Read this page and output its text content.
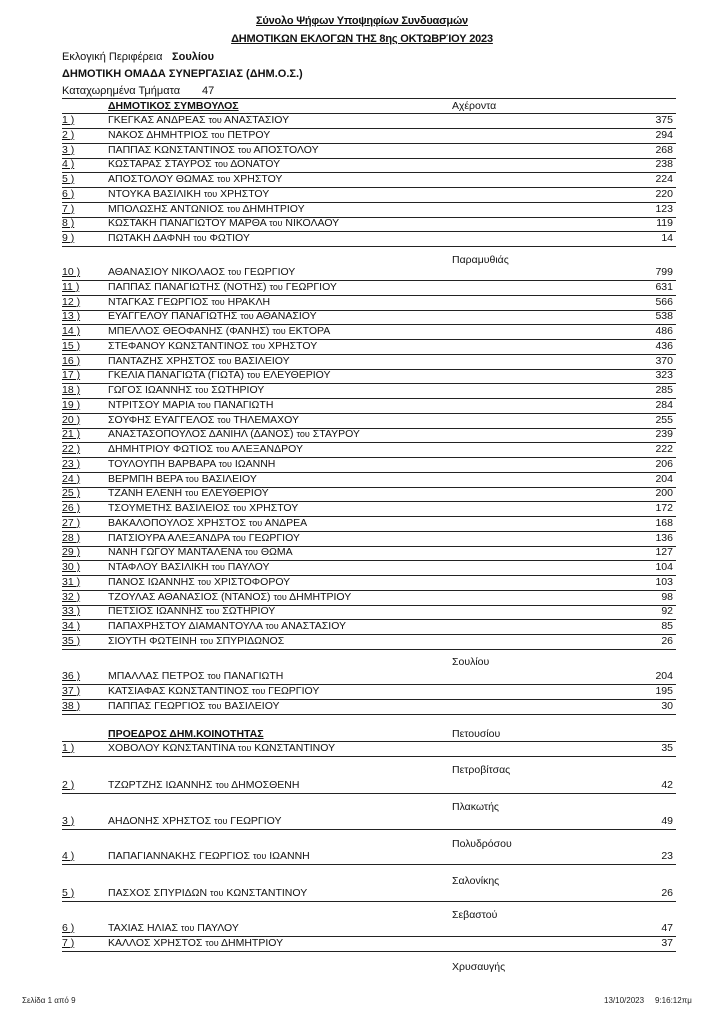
Σύνολο Ψήφων Υποψηφίων Συνδυασμών
ΔΗΜΟΤΙΚΩΝ ΕΚΛΟΓΩΝ ΤΗΣ 8ης ΟΚΤΩΒΡΊΟΥ 2023
Εκλογική Περιφέρεια Σουλίου
ΔΗΜΟΤΙΚΗ ΟΜΑΔΑ ΣΥΝΕΡΓΑΣΙΑΣ (ΔΗΜ.Ο.Σ.)
Καταχωρημένα Τμήματα 47
ΔΗΜΟΤΙΚΟΣ ΣΥΜΒΟΥΛΟΣ	Αχέροντα
1 )	ΓΚΕΓΚΑΣ ΑΝΔΡΕΑΣ του ΑΝΑΣΤΑΣΙΟΥ	375
2 )	ΝΑΚΟΣ ΔΗΜΗΤΡΙΟΣ του ΠΕΤΡΟΥ	294
3 )	ΠΑΠΠΑΣ ΚΩΝΣΤΑΝΤΙΝΟΣ του ΑΠΟΣΤΟΛΟΥ	268
4 )	ΚΩΣΤΑΡΑΣ ΣΤΑΥΡΟΣ του ΔΟΝΑΤΟΥ	238
5 )	ΑΠΟΣΤΟΛΟΥ ΘΩΜΑΣ του ΧΡΗΣΤΟΥ	224
6 )	ΝΤΟΥΚΑ ΒΑΣΙΛΙΚΗ του ΧΡΗΣΤΟΥ	220
7 )	ΜΠΟΛΩΣΗΣ ΑΝΤΩΝΙΟΣ του ΔΗΜΗΤΡΙΟΥ	123
8 )	ΚΩΣΤΑΚΗ ΠΑΝΑΓΙΩΤΟΥ ΜΑΡΘΑ του ΝΙΚΟΛΑΟΥ	119
9 )	ΠΩΤΑΚΗ ΔΑΦΝΗ του ΦΩΤΙΟΥ	14
Παραμυθιάς
10 )	ΑΘΑΝΑΣΙΟΥ ΝΙΚΟΛΑΟΣ του ΓΕΩΡΓΙΟΥ	799
11 )	ΠΑΠΠΑΣ ΠΑΝΑΓΙΩΤΗΣ (ΝΟΤΗΣ) του ΓΕΩΡΓΙΟΥ	631
12 )	ΝΤΑΓΚΑΣ ΓΕΩΡΓΙΟΣ του ΗΡΑΚΛΗ	566
13 )	ΕΥΑΓΓΕΛΟΥ ΠΑΝΑΓΙΩΤΗΣ του ΑΘΑΝΑΣΙΟΥ	538
14 )	ΜΠΕΛΛΟΣ ΘΕΟΦΑΝΗΣ (ΦΑΝΗΣ) του ΕΚΤΟΡΑ	486
15 )	ΣΤΕΦΑΝΟΥ ΚΩΝΣΤΑΝΤΙΝΟΣ του ΧΡΗΣΤΟΥ	436
16 )	ΠΑΝΤΑΖΗΣ ΧΡΗΣΤΟΣ του ΒΑΣΙΛΕΙΟΥ	370
17 )	ΓΚΕΛΙΑ ΠΑΝΑΓΙΩΤΑ (ΓΙΩΤΑ) του ΕΛΕΥΘΕΡΙΟΥ	323
18 )	ΓΩΓΟΣ ΙΩΑΝΝΗΣ του ΣΩΤΗΡΙΟΥ	285
19 )	ΝΤΡΙΤΣΟΥ ΜΑΡΙΑ του ΠΑΝΑΓΙΩΤΗ	284
20 )	ΣΟΥΦΗΣ ΕΥΑΓΓΕΛΟΣ του ΤΗΛΕΜΑΧΟΥ	255
21 )	ΑΝΑΣΤΑΣΟΠΟΥΛΟΣ ΔΑΝΙΗΛ (ΔΑΝΟΣ) του ΣΤΑΥΡΟΥ	239
22 )	ΔΗΜΗΤΡΙΟΥ ΦΩΤΙΟΣ του ΑΛΕΞΑΝΔΡΟΥ	222
23 )	ΤΟΥΛΟΥΠΗ ΒΑΡΒΑΡΑ του ΙΩΑΝΝΗ	206
24 )	ΒΕΡΜΠΗ ΒΕΡΑ του ΒΑΣΙΛΕΙΟΥ	204
25 )	ΤΖΑΝΗ ΕΛΕΝΗ του ΕΛΕΥΘΕΡΙΟΥ	200
26 )	ΤΣΟΥΜΕΤΗΣ ΒΑΣΙΛΕΙΟΣ του ΧΡΗΣΤΟΥ	172
27 )	ΒΑΚΑΛΟΠΟΥΛΟΣ ΧΡΗΣΤΟΣ του ΑΝΔΡΕΑ	168
28 )	ΠΑΤΣΙΟΥΡΑ ΑΛΕΞΑΝΔΡΑ του ΓΕΩΡΓΙΟΥ	136
29 )	ΝΑΝΗ ΓΩΓΟΥ ΜΑΝΤΑΛΕΝΑ του ΘΩΜΑ	127
30 )	ΝΤΑΦΛΟΥ ΒΑΣΙΛΙΚΗ του ΠΑΥΛΟΥ	104
31 )	ΠΑΝΟΣ ΙΩΑΝΝΗΣ του ΧΡΙΣΤΟΦΟΡΟΥ	103
32 )	ΤΖΟΥΛΑΣ ΑΘΑΝΑΣΙΟΣ (ΝΤΑΝΟΣ) του ΔΗΜΗΤΡΙΟΥ	98
33 )	ΠΕΤΣΙΟΣ ΙΩΑΝΝΗΣ του ΣΩΤΗΡΙΟΥ	92
34 )	ΠΑΠΑΧΡΗΣΤΟΥ ΔΙΑΜΑΝΤΟΥΛΑ του ΑΝΑΣΤΑΣΙΟΥ	85
35 )	ΣΙΟΥΤΗ ΦΩΤΕΙΝΗ του ΣΠΥΡΙΔΩΝΟΣ	26
Σουλίου
36 )	ΜΠΑΛΛΑΣ ΠΕΤΡΟΣ του ΠΑΝΑΓΙΩΤΗ	204
37 )	ΚΑΤΣΙΑΦΑΣ ΚΩΝΣΤΑΝΤΙΝΟΣ του ΓΕΩΡΓΙΟΥ	195
38 )	ΠΑΠΠΑΣ ΓΕΩΡΓΙΟΣ του ΒΑΣΙΛΕΙΟΥ	30
ΠΡΟΕΔΡΟΣ ΔΗΜ.ΚΟΙΝΟΤΗΤΑΣ	Πετουσίου
1 )	ΧΟΒΟΛΟΥ ΚΩΝΣΤΑΝΤΙΝΑ του ΚΩΝΣΤΑΝΤΙΝΟΥ	35
Πετροβίτσας
2 )	ΤΖΩΡΤΖΗΣ ΙΩΑΝΝΗΣ του ΔΗΜΟΣΘΕΝΗ	42
Πλακωτής
3 )	ΑΗΔΟΝΗΣ ΧΡΗΣΤΟΣ του ΓΕΩΡΓΙΟΥ	49
Πολυδρόσου
4 )	ΠΑΠΑΓΙΑΝΝΑΚΗΣ ΓΕΩΡΓΙΟΣ του ΙΩΑΝΝΗ	23
Σαλονίκης
5 )	ΠΑΣΧΟΣ ΣΠΥΡΙΔΩΝ του ΚΩΝΣΤΑΝΤΙΝΟΥ	26
Σεβαστού
6 )	ΤΑΧΙΑΣ ΗΛΙΑΣ του ΠΑΥΛΟΥ	47
7 )	ΚΑΛΛΟΣ ΧΡΗΣΤΟΣ του ΔΗΜΗΤΡΙΟΥ	37
Χρυσαυγής
Σελίδα 1 από 9	13/10/2023 9:16:12πμ
